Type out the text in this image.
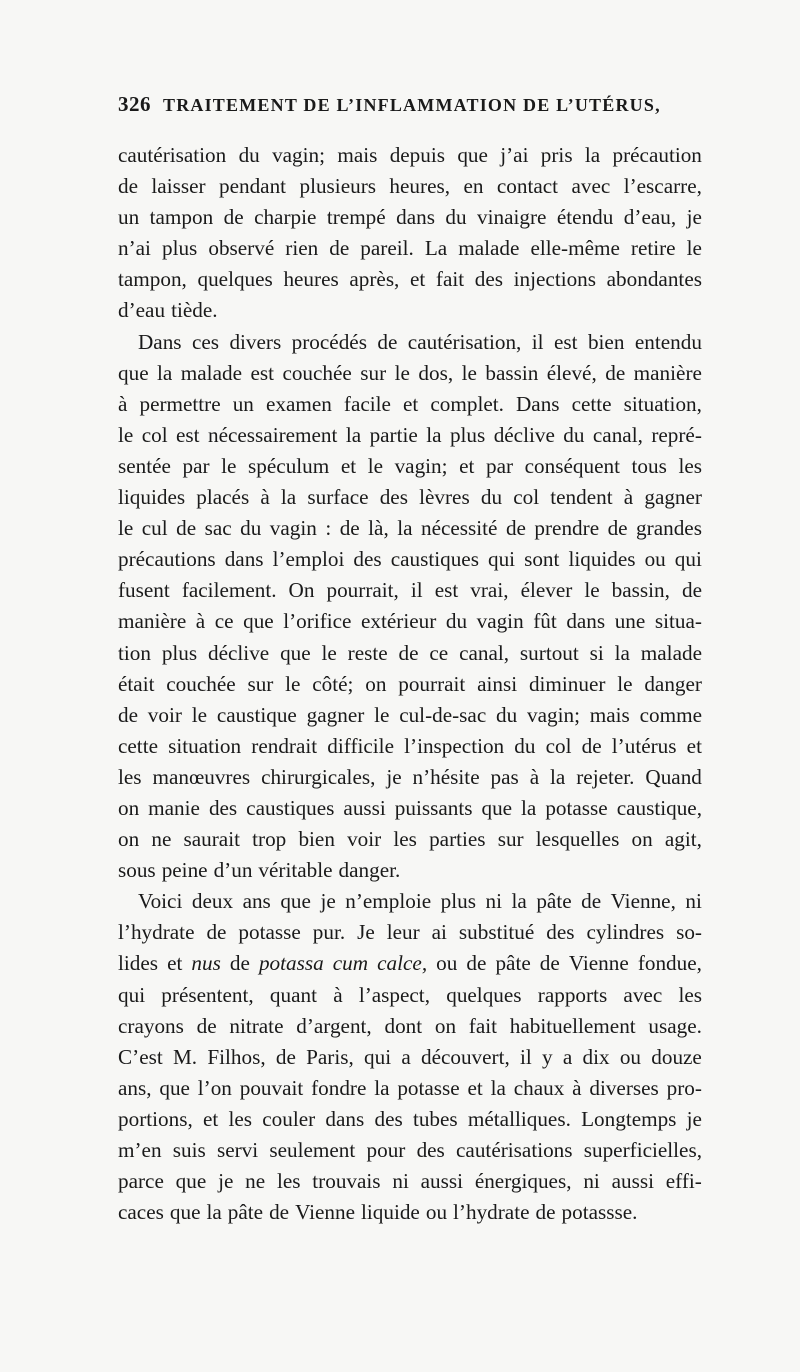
326 TRAITEMENT DE L’INFLAMMATION DE L’UTÉRUS,
cautérisation du vagin; mais depuis que j’ai pris la précaution
de laisser pendant plusieurs heures, en contact avec l’escarre,
un tampon de charpie trempé dans du vinaigre étendu d’eau, je
n’ai plus observé rien de pareil. La malade elle-même retire le
tampon, quelques heures après, et fait des injections abondantes
d’eau tiède.
Dans ces divers procédés de cautérisation, il est bien entendu
que la malade est couchée sur le dos, le bassin élevé, de manière
à permettre un examen facile et complet. Dans cette situation,
le col est nécessairement la partie la plus déclive du canal, repré-
sentée par le spéculum et le vagin; et par conséquent tous les
liquides placés à la surface des lèvres du col tendent à gagner
le cul de sac du vagin : de là, la nécessité de prendre de grandes
précautions dans l’emploi des caustiques qui sont liquides ou qui
fusent facilement. On pourrait, il est vrai, élever le bassin, de
manière à ce que l’orifice extérieur du vagin fût dans une situa-
tion plus déclive que le reste de ce canal, surtout si la malade
était couchée sur le côté; on pourrait ainsi diminuer le danger
de voir le caustique gagner le cul-de-sac du vagin; mais comme
cette situation rendrait difficile l’inspection du col de l’utérus et
les manœuvres chirurgicales, je n’hésite pas à la rejeter. Quand
on manie des caustiques aussi puissants que la potasse caustique,
on ne saurait trop bien voir les parties sur lesquelles on agit,
sous peine d’un véritable danger.
Voici deux ans que je n’emploie plus ni la pâte de Vienne, ni
l’hydrate de potasse pur. Je leur ai substitué des cylindres so-
lides et nus de potassa cum calce, ou de pâte de Vienne fondue,
qui présentent, quant à l’aspect, quelques rapports avec les
crayons de nitrate d’argent, dont on fait habituellement usage.
C’est M. Filhos, de Paris, qui a découvert, il y a dix ou douze
ans, que l’on pouvait fondre la potasse et la chaux à diverses pro-
portions, et les couler dans des tubes métalliques. Longtemps je
m’en suis servi seulement pour des cautérisations superficielles,
parce que je ne les trouvais ni aussi énergiques, ni aussi effi-
caces que la pâte de Vienne liquide ou l’hydrate de potassse.
